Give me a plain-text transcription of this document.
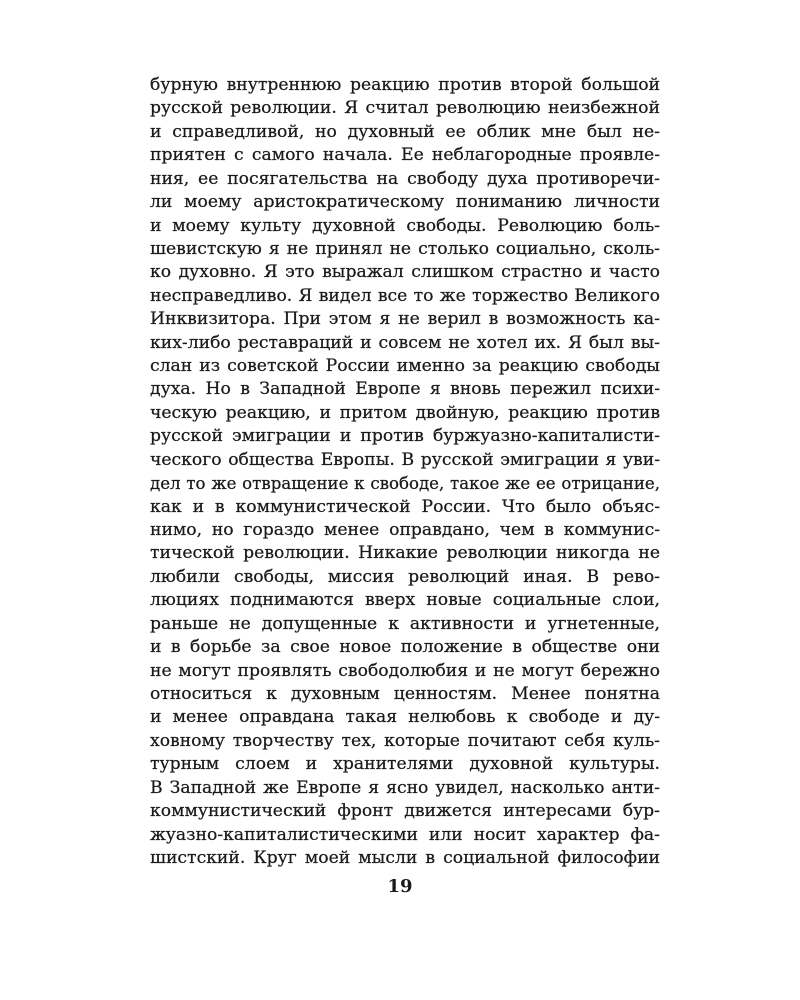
бурную внутреннюю реакцию против второй большой
русской революции. Я считал революцию неизбежной
и справедливой, но духовный ее облик мне был не-
приятен с самого начала. Ее неблагородные проявле-
ния, ее посягательства на свободу духа противоречи-
ли моему аристократическому пониманию личности
и моему культу духовной свободы. Революцию боль-
шевистскую я не принял не столько социально, сколь-
ко духовно. Я это выражал слишком страстно и часто
несправедливо. Я видел все то же торжество Великого
Инквизитора. При этом я не верил в возможность ка-
ких-либо реставраций и совсем не хотел их. Я был вы-
слан из советской России именно за реакцию свободы
духа. Но в Западной Европе я вновь пережил психи-
ческую реакцию, и притом двойную, реакцию против
русской эмиграции и против буржуазно-капиталисти-
ческого общества Европы. В русской эмиграции я уви-
дел то же отвращение к свободе, такое же ее отрицание,
как и в коммунистической России. Что было объяс-
нимо, но гораздо менее оправдано, чем в коммунис-
тической революции. Никакие революции никогда не
любили свободы, миссия революций иная. В рево-
люциях поднимаются вверх новые социальные слои,
раньше не допущенные к активности и угнетенные,
и в борьбе за свое новое положение в обществе они
не могут проявлять свободолюбия и не могут бережно
относиться к духовным ценностям. Менее понятна
и менее оправдана такая нелюбовь к свободе и ду-
ховному творчеству тех, которые почитают себя куль-
турным слоем и хранителями духовной культуры.
В Западной же Европе я ясно увидел, насколько анти-
коммунистический фронт движется интересами бур-
жуазно-капиталистическими или носит характер фа-
шистский. Круг моей мысли в социальной философии
19
